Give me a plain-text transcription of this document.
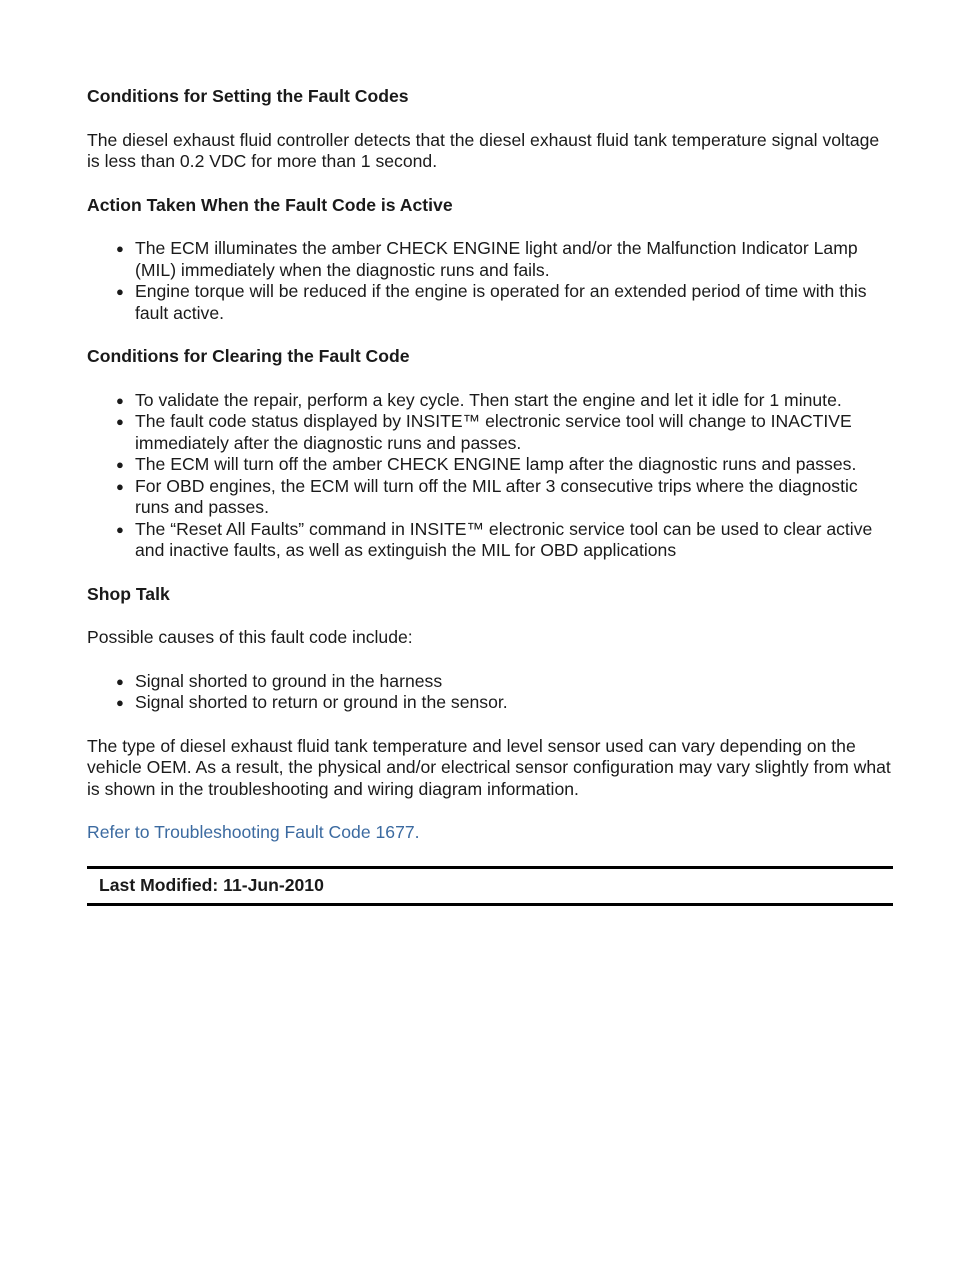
Conditions for Setting the Fault Codes

The diesel exhaust fluid controller detects that the diesel exhaust fluid tank temperature signal voltage is less than 0.2 VDC for more than 1 second.

Action Taken When the Fault Code is Active
● The ECM illuminates the amber CHECK ENGINE light and/or the Malfunction Indicator Lamp (MIL) immediately when the diagnostic runs and fails.
● Engine torque will be reduced if the engine is operated for an extended period of time with this fault active.
Conditions for Clearing the Fault Code
● To validate the repair, perform a key cycle. Then start the engine and let it idle for 1 minute.
● The fault code status displayed by INSITE™ electronic service tool will change to INACTIVE immediately after the diagnostic runs and passes.
● The ECM will turn off the amber CHECK ENGINE lamp after the diagnostic runs and passes.
● For OBD engines, the ECM will turn off the MIL after 3 consecutive trips where the diagnostic runs and passes.
● The “Reset All Faults” command in INSITE™ electronic service tool can be used to clear active and inactive faults, as well as extinguish the MIL for OBD applications
Shop Talk

Possible causes of this fault code include:

● Signal shorted to ground in the harness
● Signal shorted to return or ground in the sensor.

The type of diesel exhaust fluid tank temperature and level sensor used can vary depending on the vehicle OEM. As a result, the physical and/or electrical sensor configuration may vary slightly from what is shown in the troubleshooting and wiring diagram information.

Refer to Troubleshooting Fault Code 1677.

Last Modified: 11-Jun-2010
